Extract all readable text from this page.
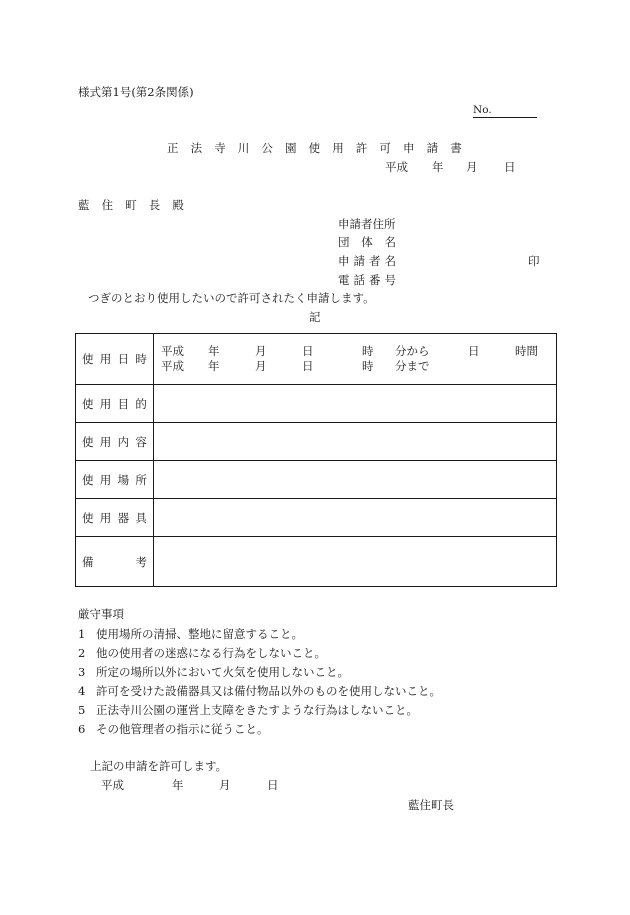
様式第1号(第2条関係)
No.
正法寺川公園使用許可申請書
平成 年 月 日
藍住町長殿
申請者住所
団体名
申請者名	印
電話番号
つぎのとおり使用したいので許可されたく申請します。
記
使用日時
平成 年	月	日	時 分から	日	時間
平成 年	月	日	時 分まで
使用目的
使用内容
使用場所
使用器具
備考
厳守事項
1 使用場所の清掃、整地に留意すること。
2 他の使用者の迷惑になる行為をしないこと。
3 所定の場所以外において火気を使用しないこと。
4 許可を受けた設備器具又は備付物品以外のものを使用しないこと。
5 正法寺川公園の運営上支障をきたすような行為はしないこと。
6 その他管理者の指示に従うこと。
上記の申請を許可します。
平成	年	月	日
藍住町長
